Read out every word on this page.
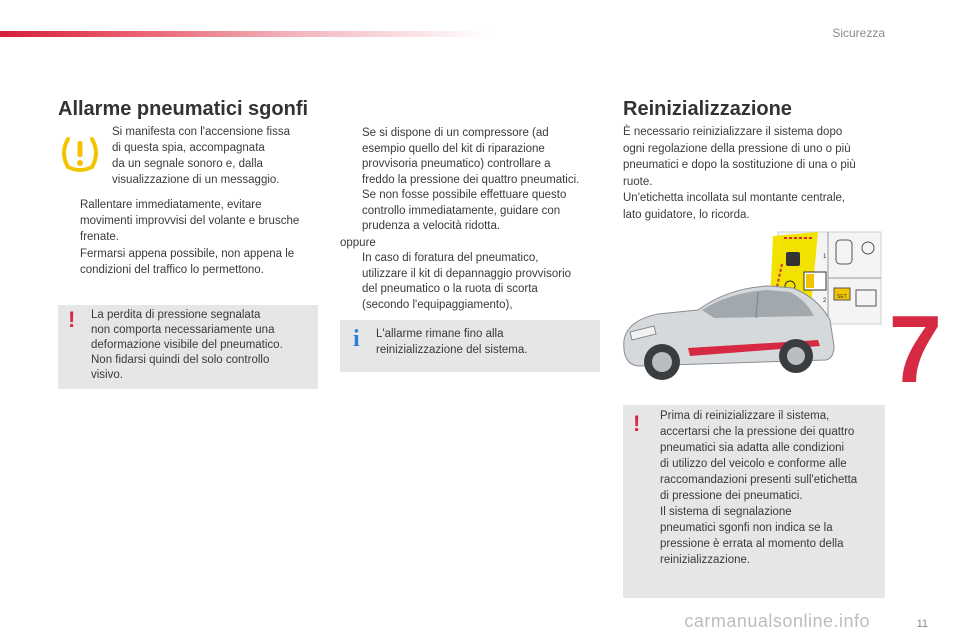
Sicurezza
Allarme pneumatici sgonfi
Si manifesta con l'accensione fissa
di questa spia, accompagnata
da un segnale sonoro e, dalla
visualizzazione di un messaggio.
Rallentare immediatamente, evitare
movimenti improvvisi del volante e brusche
frenate.
Fermarsi appena possibile, non appena le
condizioni del traffico lo permettono.
! La perdita di pressione segnalata
non comporta necessariamente una
deformazione visibile del pneumatico.
Non fidarsi quindi del solo controllo
visivo.
Se si dispone di un compressore (ad
esempio quello del kit di riparazione
provvisoria pneumatico) controllare a
freddo la pressione dei quattro pneumatici.
Se non fosse possibile effettuare questo
controllo immediatamente, guidare con
prudenza a velocità ridotta.
oppure
In caso di foratura del pneumatico,
utilizzare il kit di depannaggio provvisorio
del pneumatico o la ruota di scorta
(secondo l'equipaggiamento),
i L'allarme rimane fino alla
reinizializzazione del sistema.
Reinizializzazione
È necessario reinizializzare il sistema dopo
ogni regolazione della pressione di uno o più
pneumatici e dopo la sostituzione di una o più
ruote.
Un'etichetta incollata sul montante centrale,
lato guidatore, lo ricorda.
1
2
SET
! Prima di reinizializzare il sistema,
accertarsi che la pressione dei quattro
pneumatici sia adatta alle condizioni
di utilizzo del veicolo e conforme alle
raccomandazioni presenti sull'etichetta
di pressione dei pneumatici.
Il sistema di segnalazione
pneumatici sgonfi non indica se la
pressione è errata al momento della
reinizializzazione.
7
carmanualsonline.info	11
